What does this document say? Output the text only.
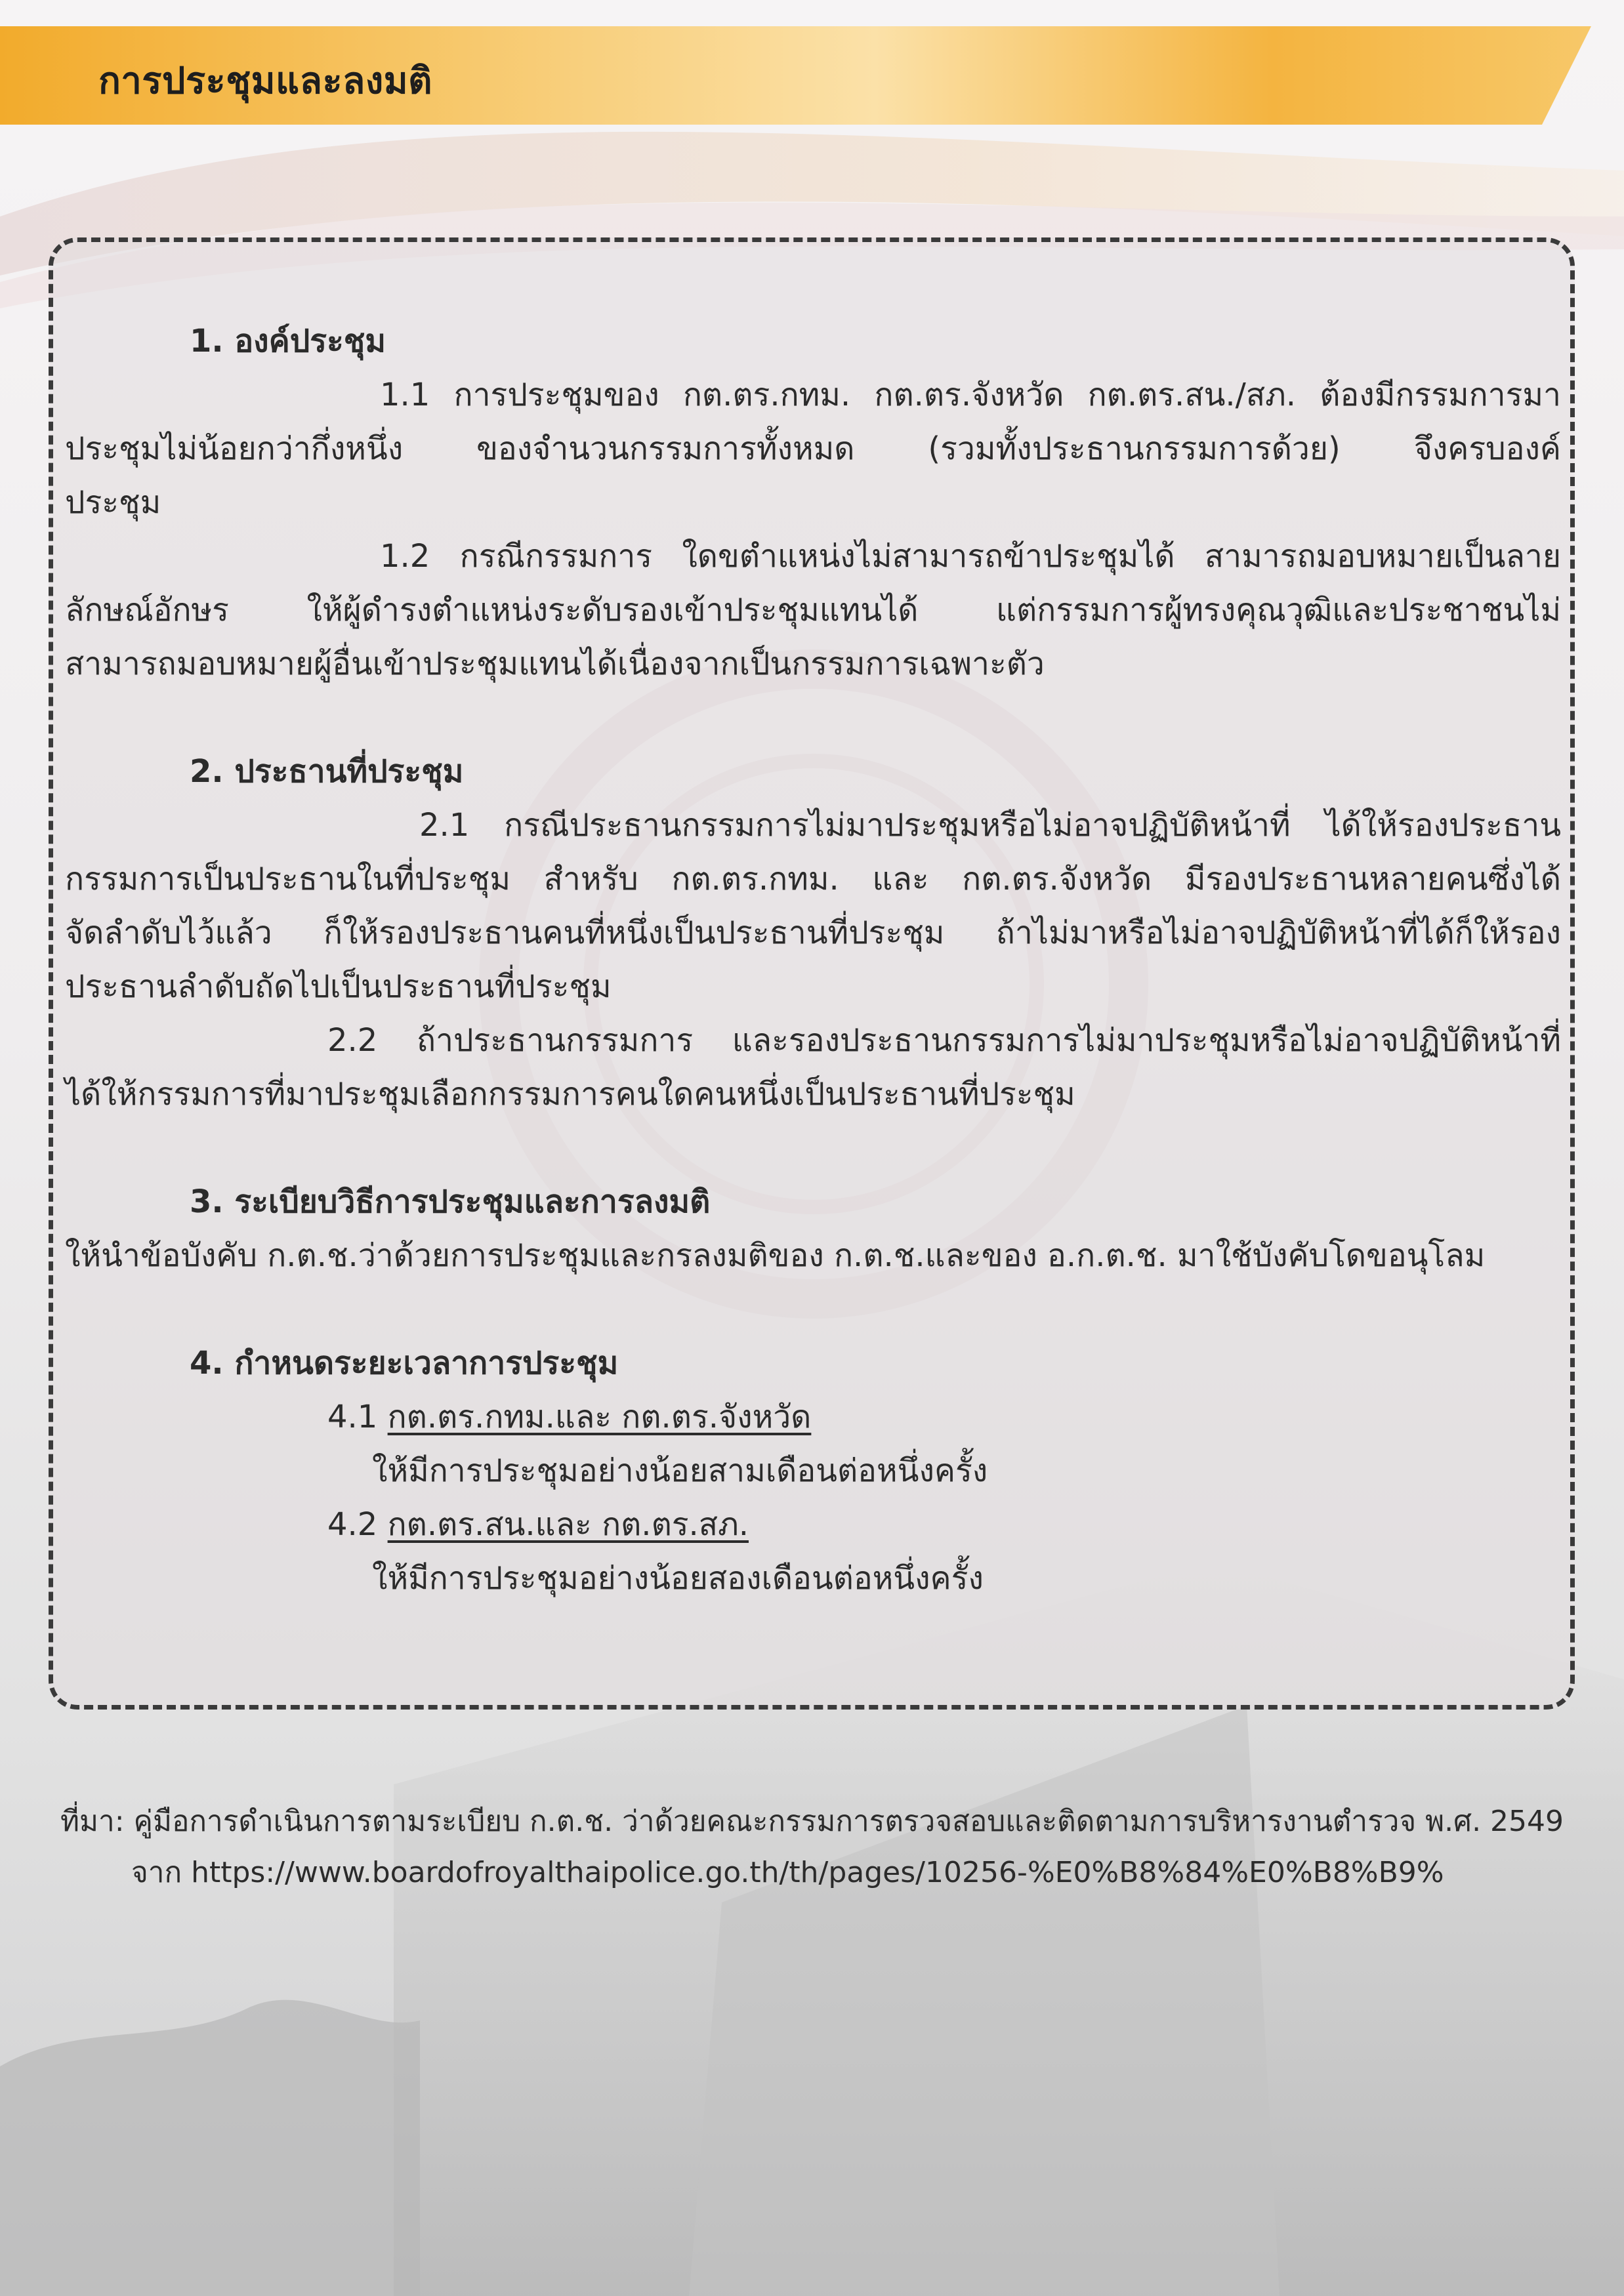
การประชุมและลงมติ

1. องค์ประชุม

1.1 การประชุมของ กต.ตร.กทม. กต.ตร.จังหวัด กต.ตร.สน./สภ. ต้องมีกรรมการมา

ประชุมไม่น้อยกว่ากึ่งหนึ่ง ของจำนวนกรรมการทั้งหมด (รวมทั้งประธานกรรมการด้วย) จึงครบองค์

ประชุม

1.2 กรณีกรรมการ ใดขตำแหน่งไม่สามารถข้าประชุมได้ สามารถมอบหมายเป็นลาย

ลักษณ์อักษร ให้ผู้ดำรงตำแหน่งระดับรองเข้าประชุมแทนได้ แต่กรรมการผู้ทรงคุณวุฒิและประชาชนไม่

สามารถมอบหมายผู้อื่นเข้าประชุมแทนได้เนื่องจากเป็นกรรมการเฉพาะตัว

2. ประธานที่ประชุม

2.1 กรณีประธานกรรมการไม่มาประชุมหรือไม่อาจปฏิบัติหน้าที่ ได้ให้รองประธาน

กรรมการเป็นประธานในที่ประชุม สำหรับ กต.ตร.กทม. และ กต.ตร.จังหวัด มีรองประธานหลายคนซึ่งได้

จัดลำดับไว้แล้ว ก็ให้รองประธานคนที่หนึ่งเป็นประธานที่ประชุม ถ้าไม่มาหรือไม่อาจปฏิบัติหน้าที่ได้ก็ให้รอง

ประธานลำดับถัดไปเป็นประธานที่ประชุม

2.2 ถ้าประธานกรรมการ และรองประธานกรรมการไม่มาประชุมหรือไม่อาจปฏิบัติหน้าที่

ได้ให้กรรมการที่มาประชุมเลือกกรรมการคนใดคนหนึ่งเป็นประธานที่ประชุม

3. ระเบียบวิธีการประชุมและการลงมติ

ให้นำข้อบังคับ ก.ต.ช.ว่าด้วยการประชุมและกรลงมติของ ก.ต.ช.และของ อ.ก.ต.ช. มาใช้บังคับโดขอนุโลม

4. กำหนดระยะเวลาการประชุม

4.1 กต.ตร.กทม.และ กต.ตร.จังหวัด

ให้มีการประชุมอย่างน้อยสามเดือนต่อหนึ่งครั้ง

4.2 กต.ตร.สน.และ กต.ตร.สภ.

ให้มีการประชุมอย่างน้อยสองเดือนต่อหนึ่งครั้ง

ที่มา: คู่มือการดำเนินการตามระเบียบ ก.ต.ช. ว่าด้วยคณะกรรมการตรวจสอบและติดตามการบริหารงานตำรวจ พ.ศ. 2549

จาก https://www.boardofroyalthaipolice.go.th/th/pages/10256-%E0%B8%84%E0%B8%B9%
